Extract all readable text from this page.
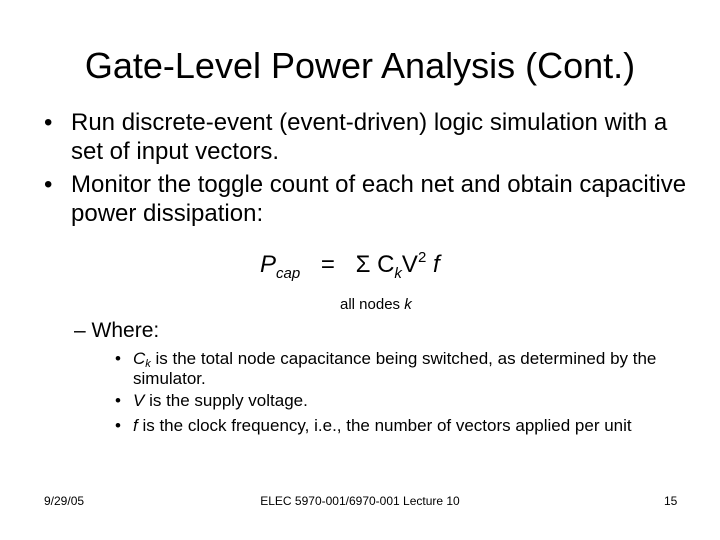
Gate-Level Power Analysis (Cont.)
• Run discrete-event (event-driven) logic simulation with a set of input vectors.
• Monitor the toggle count of each net and obtain capacitive power dissipation:
$P_{cap} = \Sigma$ $C_kV^2$ f
all nodes k
– Where:
• $C_k$ is the total node capacitance being switched, as determined by the simulator.
• V is the supply voltage.
• f is the clock frequency, i.e., the number of vectors applied per unit
9/29/05	ELEC 5970-001/6970-001 Lecture 10	15
